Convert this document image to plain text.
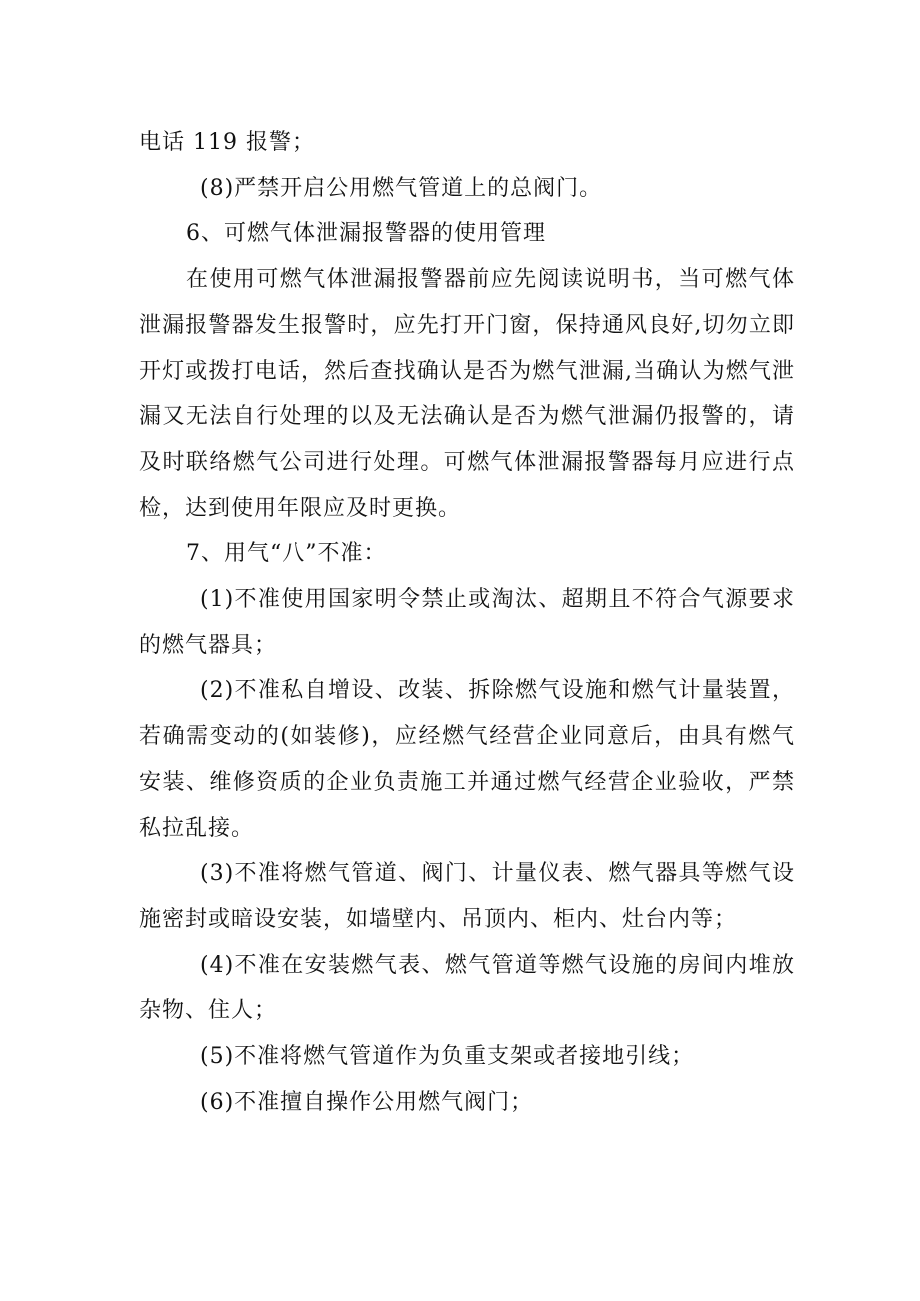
电话 119 报警；

(8)严禁开启公用燃气管道上的总阀门。

6、可燃气体泄漏报警器的使用管理

在使用可燃气体泄漏报警器前应先阅读说明书，当可燃气体泄漏报警器发生报警时，应先打开门窗，保持通风良好,切勿立即开灯或拨打电话，然后查找确认是否为燃气泄漏,当确认为燃气泄漏又无法自行处理的以及无法确认是否为燃气泄漏仍报警的，请及时联络燃气公司进行处理。可燃气体泄漏报警器每月应进行点检，达到使用年限应及时更换。

7、用气“八”不准：

(1)不准使用国家明令禁止或淘汰、超期且不符合气源要求的燃气器具；

(2)不准私自增设、改装、拆除燃气设施和燃气计量装置，若确需变动的(如装修)，应经燃气经营企业同意后，由具有燃气安装、维修资质的企业负责施工并通过燃气经营企业验收，严禁私拉乱接。

(3)不准将燃气管道、阀门、计量仪表、燃气器具等燃气设施密封或暗设安装，如墙壁内、吊顶内、柜内、灶台内等；

(4)不准在安装燃气表、燃气管道等燃气设施的房间内堆放杂物、住人；

(5)不准将燃气管道作为负重支架或者接地引线；

(6)不准擅自操作公用燃气阀门；
